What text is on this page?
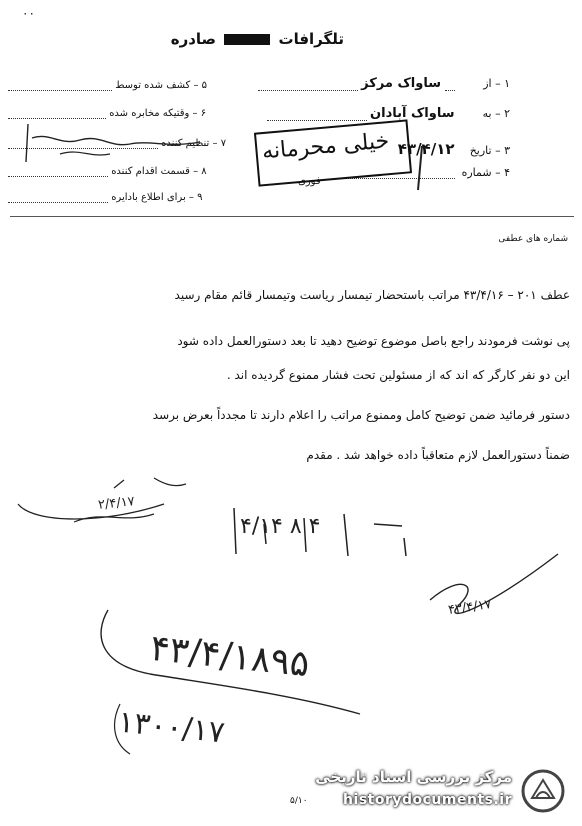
٠٠
تلگرافات  صادره
۱ – از  ساواک مرکز
۲ – به ساواک آبادان
۳ – تاریخ ۴۳/۴/۱۲
۴ – شماره
۵ – کشف شده توسط
۶ – وقتیکه مخابره شده
۷ – تنظیم کننده
۸ – قسمت اقدام کننده
۹ – برای اطلاع بادایره
خیلی محرمانه
فوری
شماره های عطفی
عطف ۲۰۱ – ۴۳/۴/۱۶ مراتب باستحضار تیمسار ریاست وتیمسار قائم مقام رسید
پی نوشت فرمودند راجع باصل موضوع توضیح دهید تا بعد دستورالعمل داده شود
این دو نفر کارگر که اند که از مسئولین تحت فشار ممنوع گردیده اند .
دستور فرمائید ضمن توضیح کامل وممنوع مراتب را اعلام دارند تا مجدداً بعرض برسد
ضمناً دستورالعمل لازم متعاقباً داده خواهد شد . مقدم
۲/۴/۱۷
۴/۱۴ ۸ ۴
۴۳/۴/۱۷
۴۳/۴/۱۸۹۵
۱۳۰۰/۱۷
مرکز بررسی اسناد تاریخی
historydocuments.ir
۵/۱۰
